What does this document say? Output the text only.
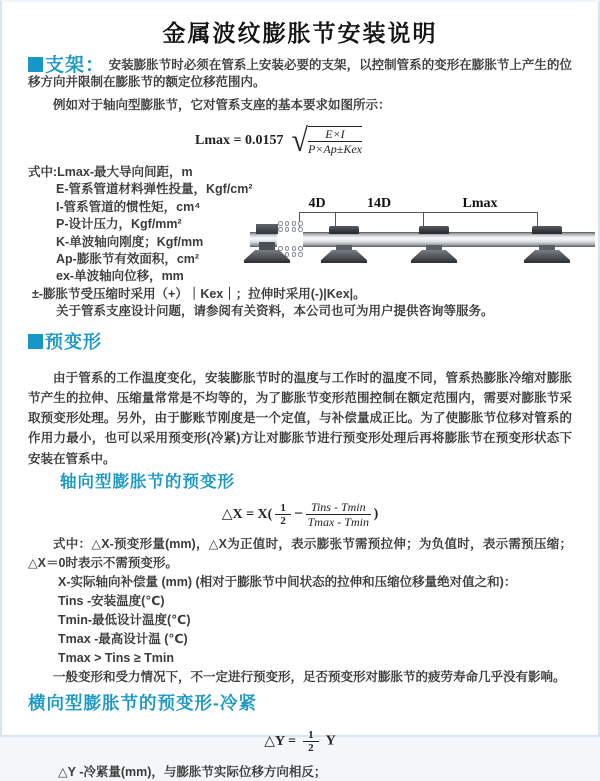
金属波纹膨胀节安装说明

支架： 安装膨胀节时必须在管系上安装必要的支架，以控制管系的变形在膨胀节上产生的位移方向并限制在膨胀节的额定位移范围内。

例如对于轴向型膨胀节，它对管系支座的基本要求如图所示：

Lmax = 0.0157 √ $\frac{E\times I}{\text{P×Ap±Kex}}$

式中:Lmax-最大导向间距，m

E-管系管道材料弹性投量，Kgf/cm²

I-管系管道的惯性矩，cm⁴

P-设计压力，Kgf/mm²

K-单波轴向刚度；Kgf/mm

Ap-膨胀节有效面积，cm²

ex-单波轴向位移，mm

±-膨胀节受压缩时采用（+）｜Kex｜；拉伸时采用(-)|Kex|。

关于管系支座设计问题，请参阅有关资料，本公司也可为用户提供咨询等服务。

预变形

由于管系的工作温度变化，安装膨胀节时的温度与工作时的温度不同，管系热膨胀冷缩对膨胀节产生的拉伸、压缩量常常是不均等的，为了膨胀节变形范围控制在额定范围内，需要对膨胀节采取预变形处理。另外，由于膨账节刚度是一个定值，与补偿量成正比。为了使膨胀节位移对管系的作用力最小，也可以采用预变形(冷紧)方让对膨胀节进行预变形处理后再将膨胀节在预变形状态下安装在管系中。

轴向型膨胀节的预变形
△X = $X( \frac{1}{2} - \frac{\text{Tins - Tmin}}{Tmax - Tmin}$ )

式中：△X-预变形量(mm)，△X为正值时，表示膨张节需预拉伸；为负值时，表示需预压缩；△X＝0时表示不需预变形。

X-实际轴向补偿量 (mm) (相对于膨胀节中间状态的拉伸和压缩位移量绝对值之和)：

Tins -安装温度(℃)

Tmin-最低设计温度(℃)

Tmax -最高设计温 (℃)

Tmax > Tins ≥ Tmin

一般变形和受力情况下，不一定进行预变形，足否预变形对膨胀节的疲劳寿命几乎没有影响。

横向型膨胀节的预变形-冷紧
△Y = $\frac{1}{2}$ Y

△Y -冷紧量(mm)，与膨胀节实际位移方向相反；

4D	14D	Lmax
